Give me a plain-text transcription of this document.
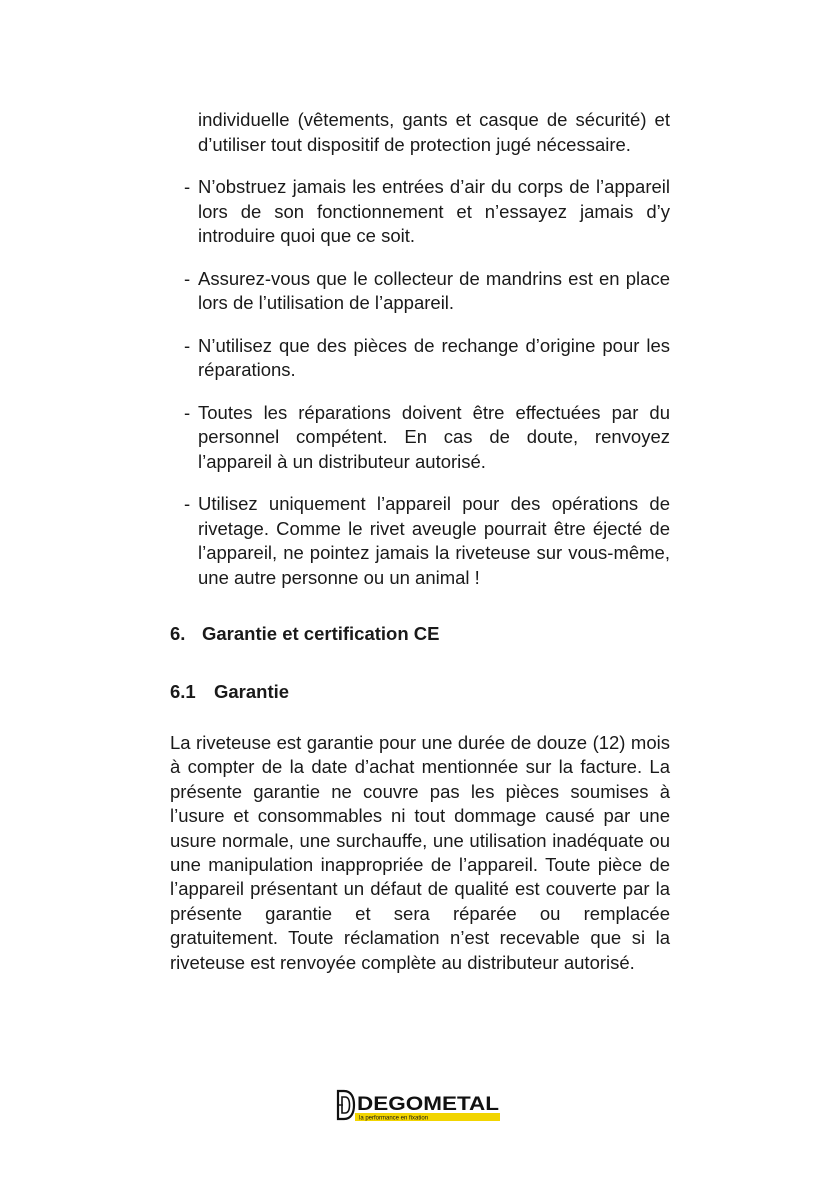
individuelle (vêtements, gants et casque de sécurité) et d’utiliser tout dispositif de protection jugé nécessaire.
- N’obstruez jamais les entrées d’air du corps de l’appareil lors de son fonctionnement et n’essayez jamais d’y introduire quoi que ce soit.
- Assurez-vous que le collecteur de mandrins est en place lors de l’utilisation de l’appareil.
- N’utilisez que des pièces de rechange d’origine pour les réparations.
- Toutes les réparations doivent être effectuées par du personnel compétent. En cas de doute, renvoyez l’appareil à un distributeur autorisé.
- Utilisez uniquement l’appareil pour des opérations de rivetage. Comme le rivet aveugle pourrait être éjecté de l’appareil, ne pointez jamais la riveteuse sur vous-même, une autre personne ou un animal !
6. Garantie et certification CE
6.1 Garantie

La riveteuse est garantie pour une durée de douze (12) mois à compter de la date d’achat mentionnée sur la facture. La présente garantie ne couvre pas les pièces soumises à l’usure et consommables ni tout dommage causé par une usure normale, une surchauffe, une utilisation inadéquate ou une manipulation inappropriée de l’appareil. Toute pièce de l’appareil présentant un défaut de qualité est couverte par la présente garantie et sera réparée ou remplacée gratuitement. Toute réclamation n’est recevable que si la riveteuse est renvoyée complète au distributeur autorisé.

DEGOMETAL
la performance en fixation
